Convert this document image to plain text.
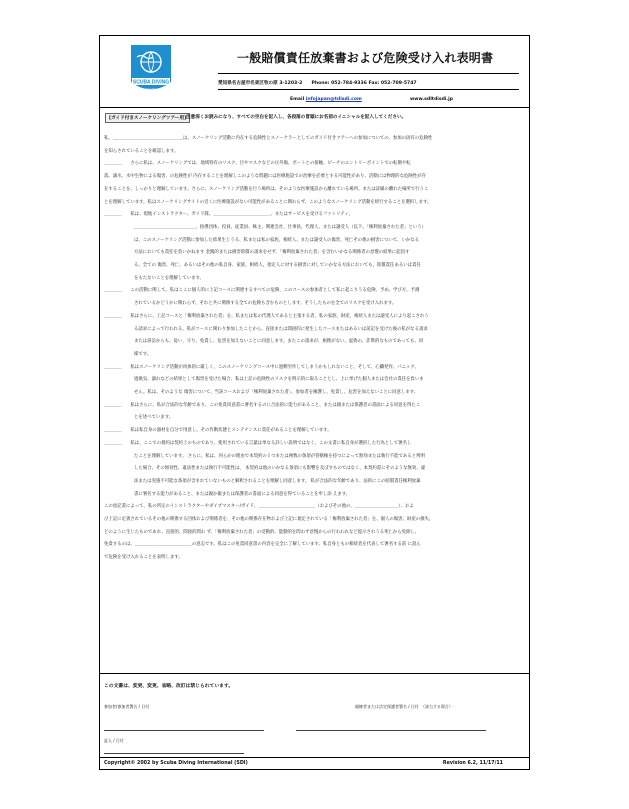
SCUBA DIVING
INTERNATIONAL
一般賠償責任放棄書および危険受け入れ表明書
愛知県名古屋市名東区牧の原 3-1203-2　　Phone: 052-784-9336 Fax: 052-709-5747
Email infojapan@tdisdi.com	www.sdltdisdi.jp
[ガイド付きスノーケリングツアー用] 注意深くお読みになり、すべての空白を記入し、各段落の冒頭にお名前のイニシャルを記入してください。
私、＿＿＿＿＿＿＿＿＿＿＿＿＿＿＿＿は、スノーケリング活動に内在する危険性とスノーケラーとしてのガイド付きツアーへの参加についての、参加の固有の危険性
を知らされていることを確認します。
＿＿＿＿　　さらに私は、スノーケリングでは、地域特有のリスク、目やマスクなどの圧外傷、ボートとの接触、ビーチのエントリーポイントでの転倒や転
落、溺水、水中生物による傷害、の危険性が 内在することを理解しこのような問題には医療施設での治療を必要とする可能性があり、活動には物理的な危険性が存
在することを、しっかりと理解しています。さらに、スノーケリング活動を行う場所は、そのような医療施設から離れている場所、または詳細の離れた場所で行うこ
とを理解しています。私はスノーケリングサイトの近くに医療施設がない可能性があることに関わらず、このようなスノーケリング活動を続行することを選択します。
＿＿＿＿　　私は、現地インストラクター、ガイド隊、＿＿＿＿＿＿＿＿＿＿＿＿＿、またはサービスを受けるファシリティ、
＿＿＿＿＿＿＿＿＿＿＿＿＿＿、指導団体、役員、従業員、株主、関連会社、仕事員、代理人、または譲受人（以下、「権利放棄された者」という）
は、このスノーケリング活動に参加した結果生じうる、私または私の家族、相続人、または譲受人の傷害、死亡その他の損害について、いかなる
方法においても責任を負いかねます 金銭的または損害賠償の請求をせず、「権利放棄された者」を含むいかなる関係者の怠慢の結果に起因す
る、全ての 傷害、死亡、あるいはその他の私自身、家族、相続人、指定人に対する損害に対していかなる方法においても、賠償責任あるいは責任
をもたないことを理解しています。
＿＿＿＿　　この活動に関して、私はここに個人的に上記コースに関連するすべての危険、このコースの参加者として私に起こりうる危険、予め、学び方、予測
されているかどうかに関わらず、それと共に関係する全ての危険も含むものとします。そうしたものを全てのリスクを受け入れます。
＿＿＿＿　　私はさらに、上記コースと「権利放棄された者」を、私または私の代理人であると主張する者、私の家族、財産、相続人または譲受人により起こされう
る請求によって行われる、私がコースに関わり参加したことから、直接または間接的に発生したコースまたはあるいは前記を受けた後の私がなる請求
または訴訟からも、従い、守り、免責し、危害を加えないことに同意します。またこの請求が、根拠がない、虚偽の、詐欺的なものであっても、同
様です。
＿＿＿＿　　私はスノーケリング活動が肉体的に厳しく、このスノーケリングコース中に過剰労作してしまうかもしれないこと、そして、心臓発作、パニック、
過換気、溺れなどの結果として傷害を受けた場合、私は上記の危険性のリスクを明示的に取ることとし、上に挙げた個人または会社の責任を負いま
せん。私は、そのような 傷害について、当該コースおよび「権利放棄された者」、参加者を擁護し、免責し、危害を加えないことに同意します。
＿＿＿＿　　私はさらに、私が合法的な年齢であり、この免責同意書に署名するのに合法的に能力があること、または親または保護者の書面による同意を得たこ
とを述べています。
＿＿＿＿　　私は私自身の器材を自分で用意し、その作動状態とメンテナンスに責任があることを理解しています。
＿＿＿＿　　私は、ここでの規約は契約上のものであり、使用されている言葉は単なる詳しい説明ではなく、この文書に私自身が選択した行為として署名し
たことを理解しています。 さらに、私は、何らかの理由で本契約の１つまたは複数の条項が管轄権を持つによって無効または執行不能であると判明
した場合、その無効性、違法性または執行不可能性は、 本契約は他のいかなる条項にも影響を及ぼすものではなく、本契約書にそのような無効、違
法または実施不可能な条項が含まれていないものと解釈されることを理解し同意します。 私が合法的な年齢であり、法的にこの賠償責任権利放棄
書に署名する能力があること、または親か親または保護者の書面による同意を得ていることを申し添 えます。
この放記書によって、私の所定のインストラクターやダイブマスター/ガイド、＿＿＿＿＿＿＿＿＿＿＿＿＿（およびその他の、＿＿＿＿＿＿＿＿＿＿）、およ
び上記に定義されているその他の関係する団体および関係者を、その他の関係存在物および上記に規定されている「権利放棄された者」を、個人の傷害、財産の損失、
どのように生じたものであれ、直接的、間接的問わ ず、「権利放棄された者」の受動的、能動的を問わず怠慢からの行わわれなど提示されうる死亡から免除し、
免責するのは、＿＿＿＿＿＿＿＿＿＿＿＿＿の意志です。私はこの免責同意書の内容を完全に了解しています。私自身ともの相続者を代表して署名する前 に読ん
で危険を受け入れることを表明します。
この文書は、変更、変更、省略、改訂は禁じられています。
参加者/参加者署名 / 日付	親権者または法定保護者署名 / 日付　（該当する場合）
証人 / 日付
Copyright© 2002 by Scuba Diving International (SDI)	Revision 6.2, 11/17/11
